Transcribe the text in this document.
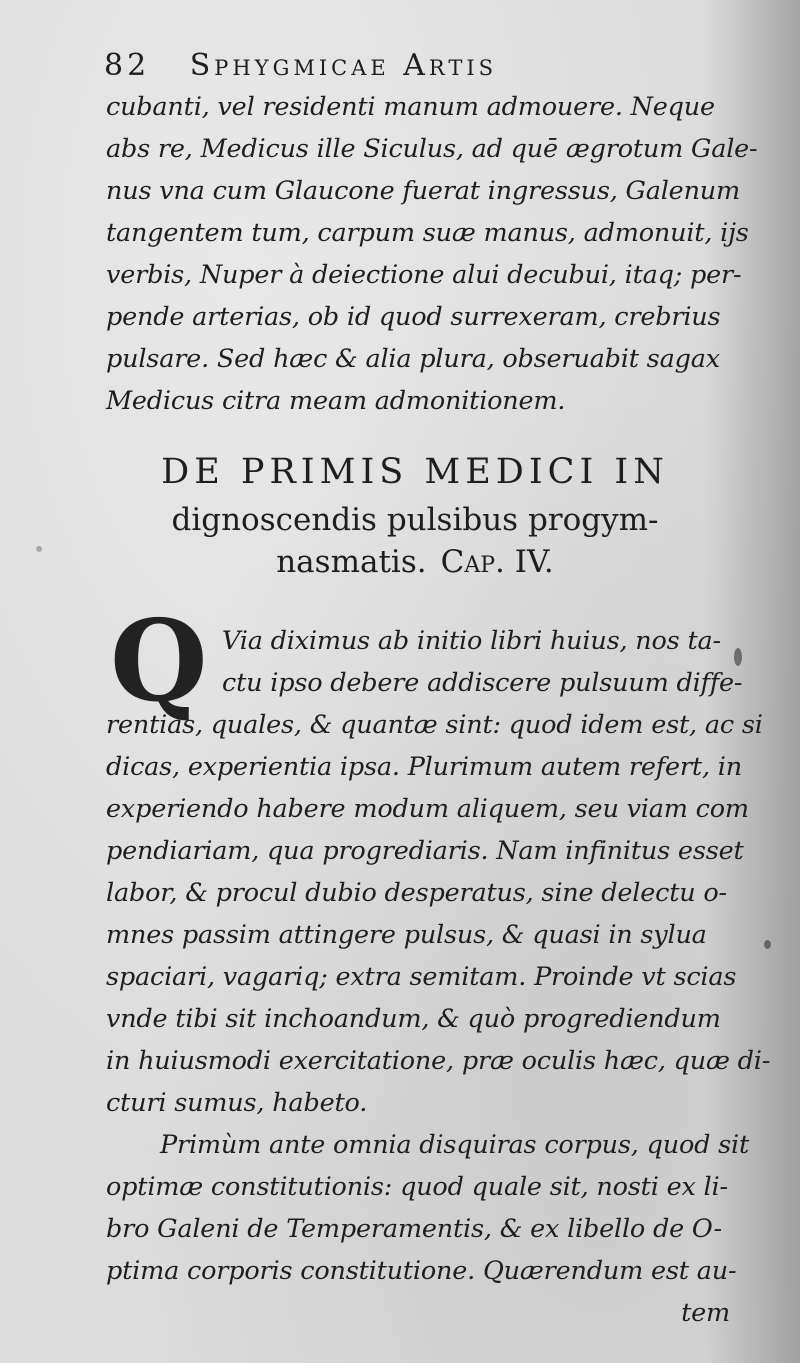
82 Sphygmicae Artis
cubanti, vel residenti manum admouere. Neque
abs re, Medicus ille Siculus, ad quē ægrotum Gale-
nus vna cum Glaucone fuerat ingressus, Galenum
tangentem tum, carpum suæ manus, admonuit, ijs
verbis, Nuper à deiectione alui decubui, itaq; per-
pende arterias, ob id quod surrexeram, crebrius
pulsare. Sed hæc & alia plura, obseruabit sagax
Medicus citra meam admonitionem.
DE PRIMIS MEDICI IN
dignoscendis pulsibus progym-
nasmatis. Cap. IV.
Q Via diximus ab initio libri huius, nos ta-
ctu ipso debere addiscere pulsuum diffe-
rentias, quales, & quantæ sint: quod idem est, ac si
dicas, experientia ipsa. Plurimum autem refert, in
experiendo habere modum aliquem, seu viam com
pendiariam, qua progrediaris. Nam infinitus esset
labor, & procul dubio desperatus, sine delectu o-
mnes passim attingere pulsus, & quasi in sylua
spaciari, vagariq; extra semitam. Proinde vt scias
vnde tibi sit inchoandum, & quò progrediendum
in huiusmodi exercitatione, præ oculis hæc, quæ di-
cturi sumus, habeto.
Primùm ante omnia disquiras corpus, quod sit
optimæ constitutionis: quod quale sit, nosti ex li-
bro Galeni de Temperamentis, & ex libello de O-
ptima corporis constitutione. Quærendum est au-
tem
